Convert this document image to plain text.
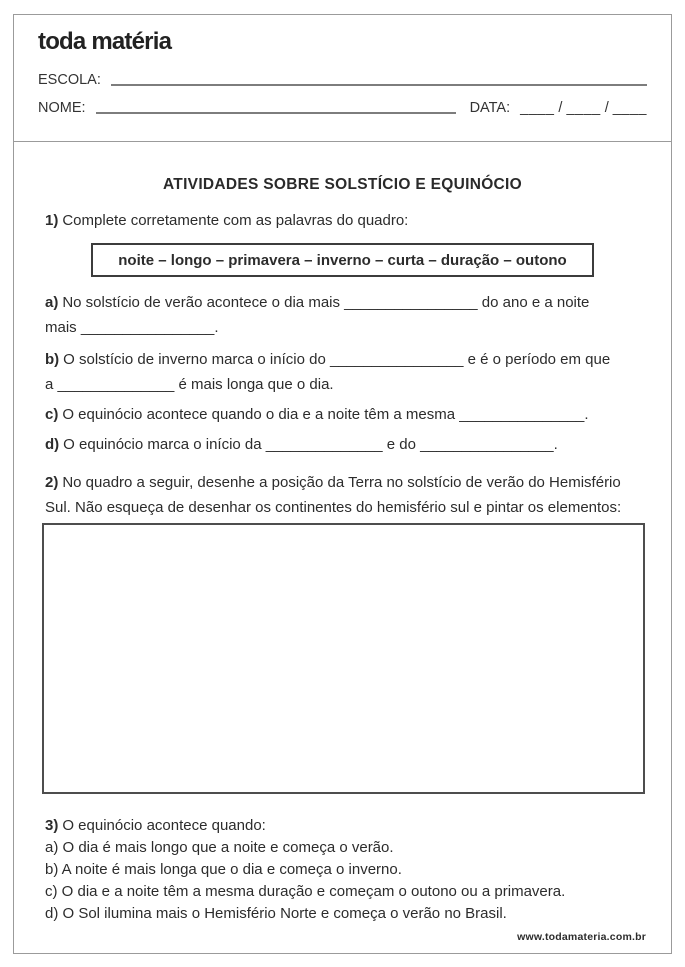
toda matéria
ESCOLA:
NOME:	DATA: ____ / ____ / ____
ATIVIDADES SOBRE SOLSTÍCIO E EQUINÓCIO
1) Complete corretamente com as palavras do quadro:
noite – longo – primavera – inverno – curta – duração – outono
a) No solstício de verão acontece o dia mais ________________ do ano e a noite
mais ________________.
b) O solstício de inverno marca o início do ________________ e é o período em que
a ______________ é mais longa que o dia.
c) O equinócio acontece quando o dia e a noite têm a mesma _______________.
d) O equinócio marca o início da ______________ e do ________________.
2) No quadro a seguir, desenhe a posição da Terra no solstício de verão do Hemisfério
Sul. Não esqueça de desenhar os continentes do hemisfério sul e pintar os elementos:
3) O equinócio acontece quando:
a) O dia é mais longo que a noite e começa o verão.
b) A noite é mais longa que o dia e começa o inverno.
c) O dia e a noite têm a mesma duração e começam o outono ou a primavera.
d) O Sol ilumina mais o Hemisfério Norte e começa o verão no Brasil.
www.todamateria.com.br
